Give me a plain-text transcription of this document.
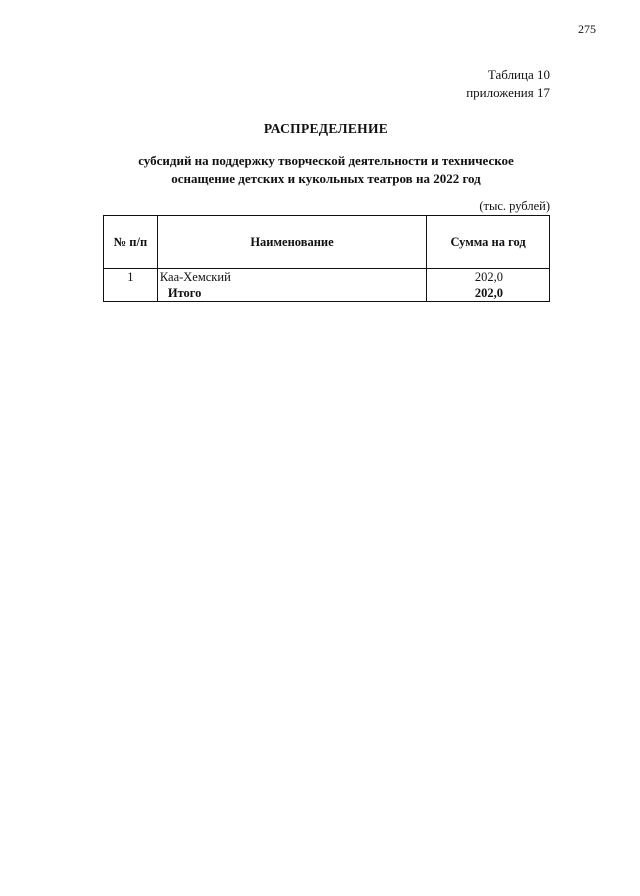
275
Таблица 10
приложения 17
РАСПРЕДЕЛЕНИЕ
субсидий на поддержку творческой деятельности и техническое
оснащение детских и кукольных театров на 2022 год
(тыс. рублей)
№ п/п	Наименование	Сумма на год
1	Каа-Хемский	202,0
	Итого	202,0
